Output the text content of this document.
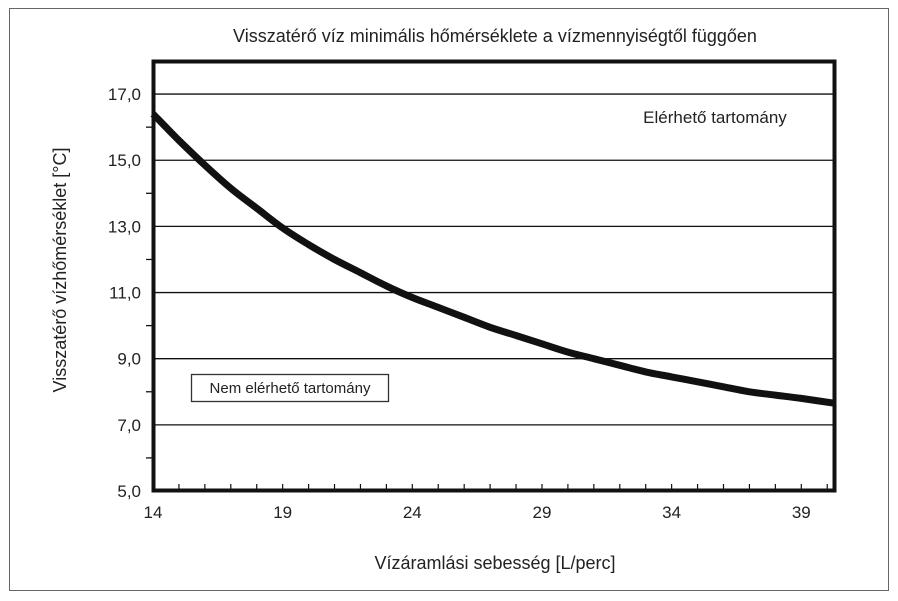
Visszatérő víz minimális hőmérséklete a vízmennyiségtől függően
5,0
7,0
9,0
11,0
13,0
15,0
17,0
14	19	24	29	34	39
Elérhető tartomány
Nem elérhető tartomány
Vízáramlási sebesség [L/perc]
Visszatérő vízhőmérséklet [°C]
